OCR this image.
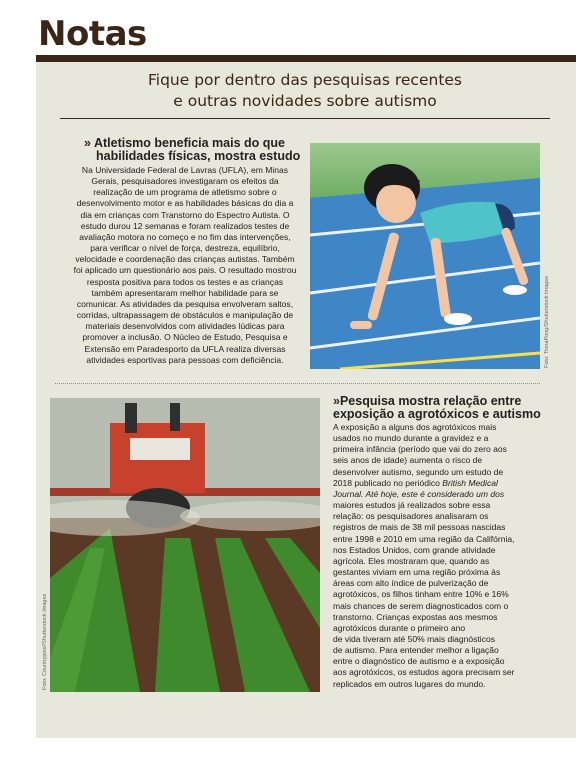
Notas

Fique por dentro das pesquisas recentes
e outras novidades sobre autismo

» Atletismo beneficia mais do que
habilidades físicas, mostra estudo
Na Universidade Federal de Lavras (UFLA), em Minas
Gerais, pesquisadores investigaram os efeitos da
realização de um programa de atletismo sobre o
desenvolvimento motor e as habilidades básicas do dia a
dia em crianças com Transtorno do Espectro Autista. O
estudo durou 12 semanas e foram realizados testes de
avaliação motora no começo e no fim das intervenções,
para verificar o nível de força, destreza, equilíbrio,
velocidade e coordenação das crianças autistas. Também
foi aplicado um questionário aos pais. O resultado mostrou
resposta positiva para todos os testes e as crianças
também apresentaram melhor habilidade para se
comunicar. As atividades da pesquisa envolveram saltos,
corridas, ultrapassagem de obstáculos e manipulação de
materiais desenvolvidos com atividades lúdicas para
promover a inclusão. O Núcleo de Estudo, Pesquisa e
Extensão em Paradesporto da UFLA realiza diversas
atividades esportivas para pessoas com deficiência.	Foto: TinnaPong/Shutterstock Images
Foto: Countrypixel/Shutterstock Images
»Pesquisa mostra relação entre
exposição a agrotóxicos e autismo
A exposição a alguns dos agrotóxicos mais
usados no mundo durante a gravidez e a
primeira infância (período que vai do zero aos
seis anos de idade) aumenta o risco de
desenvolver autismo, segundo um estudo de
2018 publicado no periódico British Medical
Journal. Até hoje, este é considerado um dos
maiores estudos já realizados sobre essa
relação: os pesquisadores analisaram os
registros de mais de 38 mil pessoas nascidas
entre 1998 e 2010 em uma região da Califórnia,
nos Estados Unidos, com grande atividade
agrícola. Eles mostraram que, quando as
gestantes viviam em uma região próxima às
áreas com alto índice de pulverização de
agrotóxicos, os filhos tinham entre 10% e 16%
mais chances de serem diagnosticados com o
transtorno. Crianças expostas aos mesmos
agrotóxicos durante o primeiro ano
de vida tiveram até 50% mais diagnósticos
de autismo. Para entender melhor a ligação
entre o diagnóstico de autismo e a exposição
aos agrotóxicos, os estudos agora precisam ser
replicados em outros lugares do mundo.
